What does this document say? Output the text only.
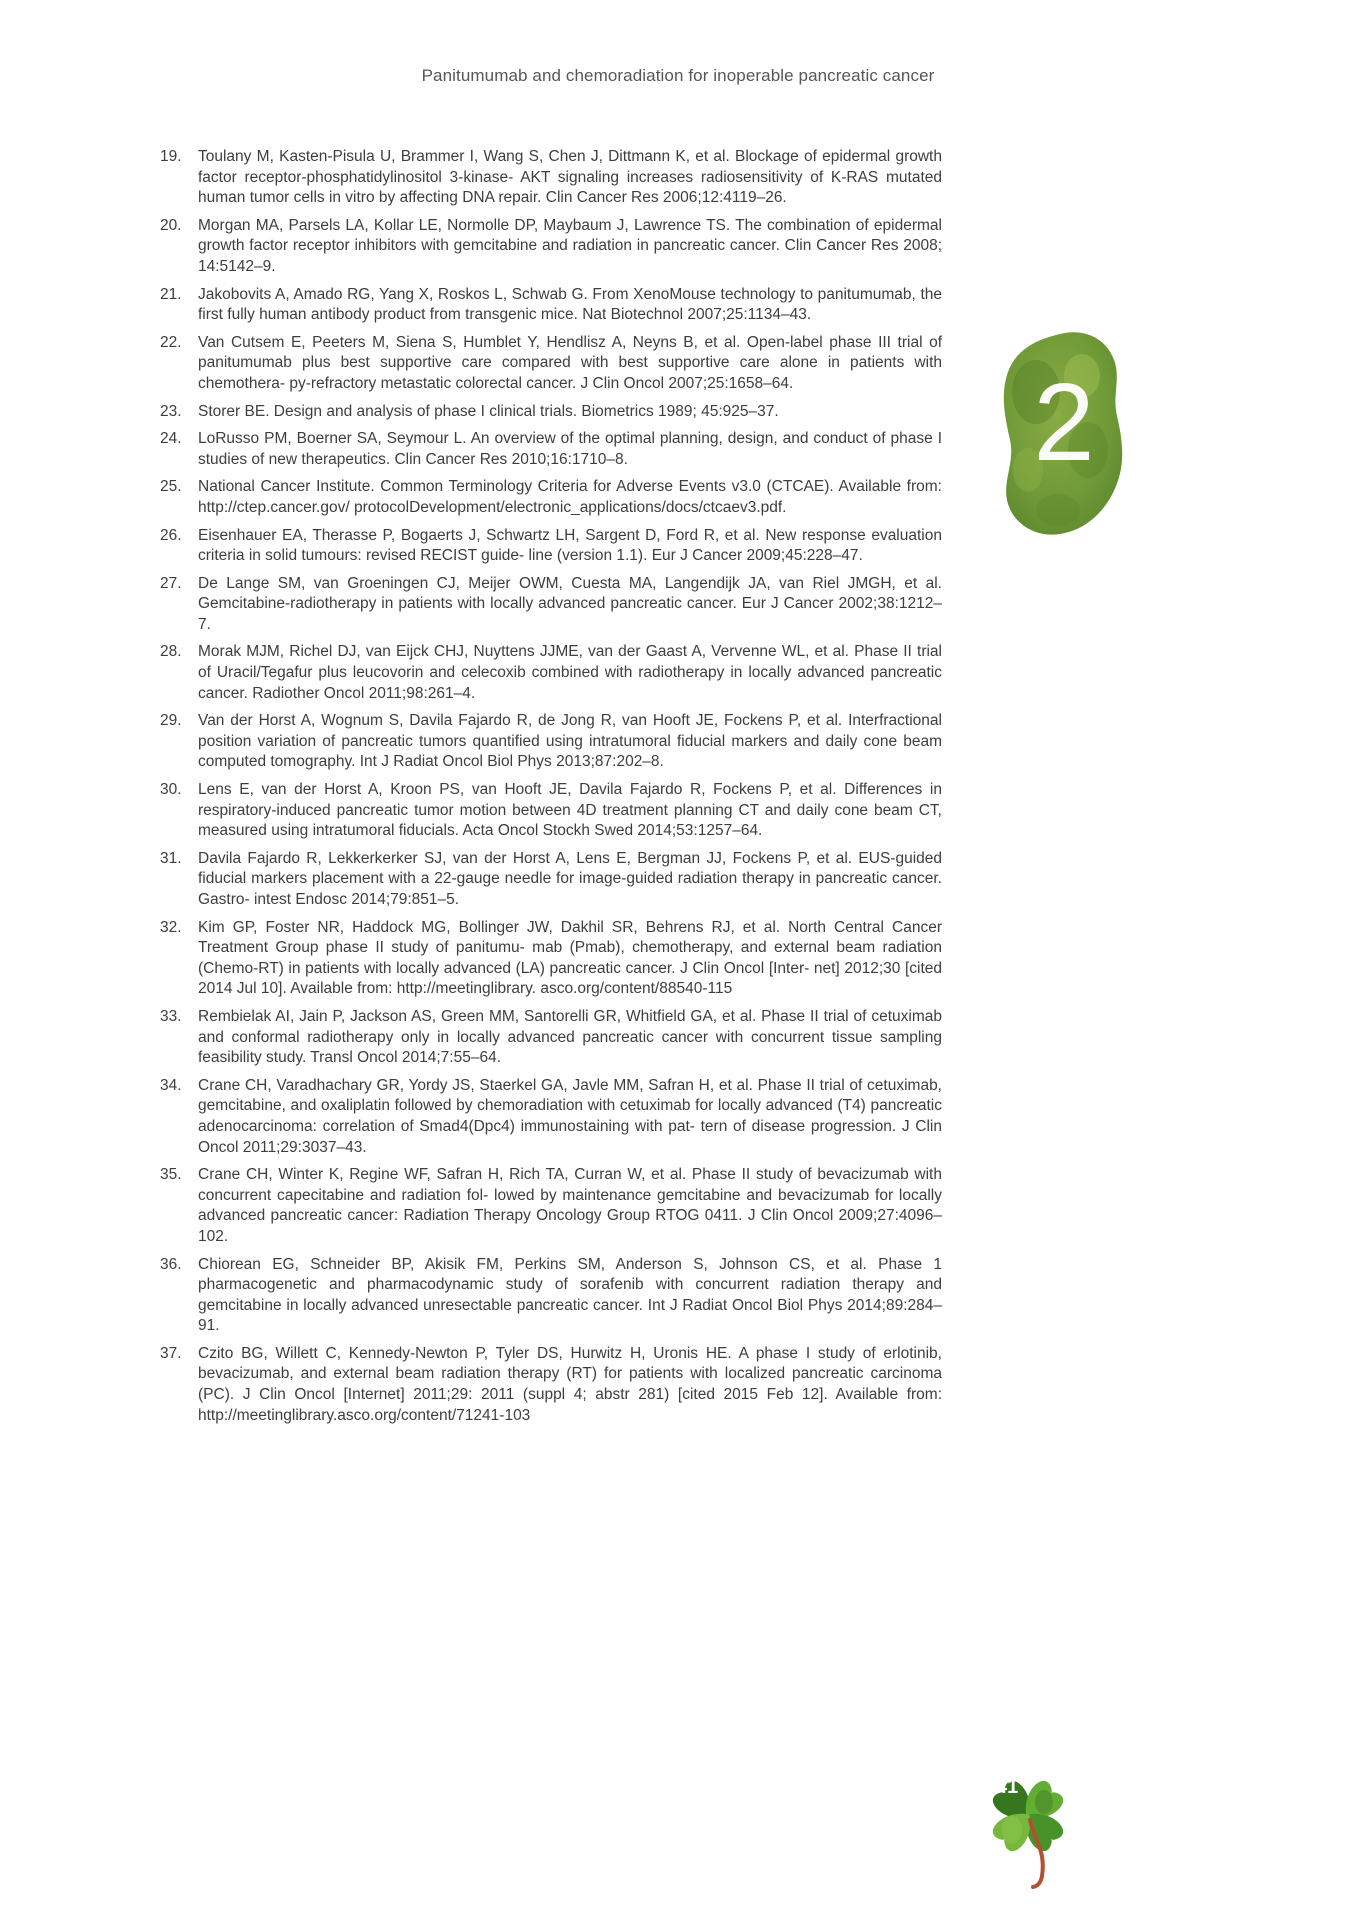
Panitumumab and chemoradiation for inoperable pancreatic cancer
19.	Toulany M, Kasten-Pisula U, Brammer I, Wang S, Chen J, Dittmann K, et al. Blockage of epidermal growth factor receptor-phosphatidylinositol 3-kinase- AKT signaling increases radiosensitivity of K-RAS mutated human tumor cells in vitro by affecting DNA repair. Clin Cancer Res 2006;12:4119–26.
20.	Morgan MA, Parsels LA, Kollar LE, Normolle DP, Maybaum J, Lawrence TS. The combination of epidermal growth factor receptor inhibitors with gemcitabine and radiation in pancreatic cancer. Clin Cancer Res 2008; 14:5142–9.
21.	Jakobovits A, Amado RG, Yang X, Roskos L, Schwab G. From XenoMouse technology to panitumumab, the first fully human antibody product from transgenic mice. Nat Biotechnol 2007;25:1134–43.
22.	Van Cutsem E, Peeters M, Siena S, Humblet Y, Hendlisz A, Neyns B, et al. Open-label phase III trial of panitumumab plus best supportive care compared with best supportive care alone in patients with chemothera- py-refractory metastatic colorectal cancer. J Clin Oncol 2007;25:1658–64.
23.	Storer BE. Design and analysis of phase I clinical trials. Biometrics 1989; 45:925–37.
24.	LoRusso PM, Boerner SA, Seymour L. An overview of the optimal planning, design, and conduct of phase I studies of new therapeutics. Clin Cancer Res 2010;16:1710–8.
25.	National Cancer Institute. Common Terminology Criteria for Adverse Events v3.0 (CTCAE). Available from: http://ctep.cancer.gov/ protocolDevelopment/electronic_applications/docs/ctcaev3.pdf.
26.	Eisenhauer EA, Therasse P, Bogaerts J, Schwartz LH, Sargent D, Ford R, et al. New response evaluation criteria in solid tumours: revised RECIST guide- line (version 1.1). Eur J Cancer 2009;45:228–47.
27.	De Lange SM, van Groeningen CJ, Meijer OWM, Cuesta MA, Langendijk JA, van Riel JMGH, et al. Gemcitabine-radiotherapy in patients with locally advanced pancreatic cancer. Eur J Cancer 2002;38:1212–7.
28.	Morak MJM, Richel DJ, van Eijck CHJ, Nuyttens JJME, van der Gaast A, Vervenne WL, et al. Phase II trial of Uracil/Tegafur plus leucovorin and celecoxib combined with radiotherapy in locally advanced pancreatic cancer. Radiother Oncol 2011;98:261–4.
29.	Van der Horst A, Wognum S, Davila Fajardo R, de Jong R, van Hooft JE, Fockens P, et al. Interfractional position variation of pancreatic tumors quantified using intratumoral fiducial markers and daily cone beam computed tomography. Int J Radiat Oncol Biol Phys 2013;87:202–8.
30.	Lens E, van der Horst A, Kroon PS, van Hooft JE, Davila Fajardo R, Fockens P, et al. Differences in respiratory-induced pancreatic tumor motion between 4D treatment planning CT and daily cone beam CT, measured using intratumoral fiducials. Acta Oncol Stockh Swed 2014;53:1257–64.
31.	Davila Fajardo R, Lekkerkerker SJ, van der Horst A, Lens E, Bergman JJ, Fockens P, et al. EUS-guided fiducial markers placement with a 22-gauge needle for image-guided radiation therapy in pancreatic cancer. Gastro- intest Endosc 2014;79:851–5.
32.	Kim GP, Foster NR, Haddock MG, Bollinger JW, Dakhil SR, Behrens RJ, et al. North Central Cancer Treatment Group phase II study of panitumu- mab (Pmab), chemotherapy, and external beam radiation (Chemo-RT) in patients with locally advanced (LA) pancreatic cancer. J Clin Oncol [Inter- net] 2012;30 [cited 2014 Jul 10]. Available from: http://meetinglibrary. asco.org/content/88540-115
33.	Rembielak AI, Jain P, Jackson AS, Green MM, Santorelli GR, Whitfield GA, et al. Phase II trial of cetuximab and conformal radiotherapy only in locally advanced pancreatic cancer with concurrent tissue sampling feasibility study. Transl Oncol 2014;7:55–64.
34.	Crane CH, Varadhachary GR, Yordy JS, Staerkel GA, Javle MM, Safran H, et al. Phase II trial of cetuximab, gemcitabine, and oxaliplatin followed by chemoradiation with cetuximab for locally advanced (T4) pancreatic adenocarcinoma: correlation of Smad4(Dpc4) immunostaining with pat- tern of disease progression. J Clin Oncol 2011;29:3037–43.
35.	Crane CH, Winter K, Regine WF, Safran H, Rich TA, Curran W, et al. Phase II study of bevacizumab with concurrent capecitabine and radiation fol- lowed by maintenance gemcitabine and bevacizumab for locally advanced pancreatic cancer: Radiation Therapy Oncology Group RTOG 0411. J Clin Oncol 2009;27:4096–102.
36.	Chiorean EG, Schneider BP, Akisik FM, Perkins SM, Anderson S, Johnson CS, et al. Phase 1 pharmacogenetic and pharmacodynamic study of sorafenib with concurrent radiation therapy and gemcitabine in locally advanced unresectable pancreatic cancer. Int J Radiat Oncol Biol Phys 2014;89:284–91.
37.	Czito BG, Willett C, Kennedy-Newton P, Tyler DS, Hurwitz H, Uronis HE. A phase I study of erlotinib, bevacizumab, and external beam radiation therapy (RT) for patients with localized pancreatic carcinoma (PC). J Clin Oncol [Internet] 2011;29: 2011 (suppl 4; abstr 281) [cited 2015 Feb 12]. Available from: http://meetinglibrary.asco.org/content/71241-103
2
41
